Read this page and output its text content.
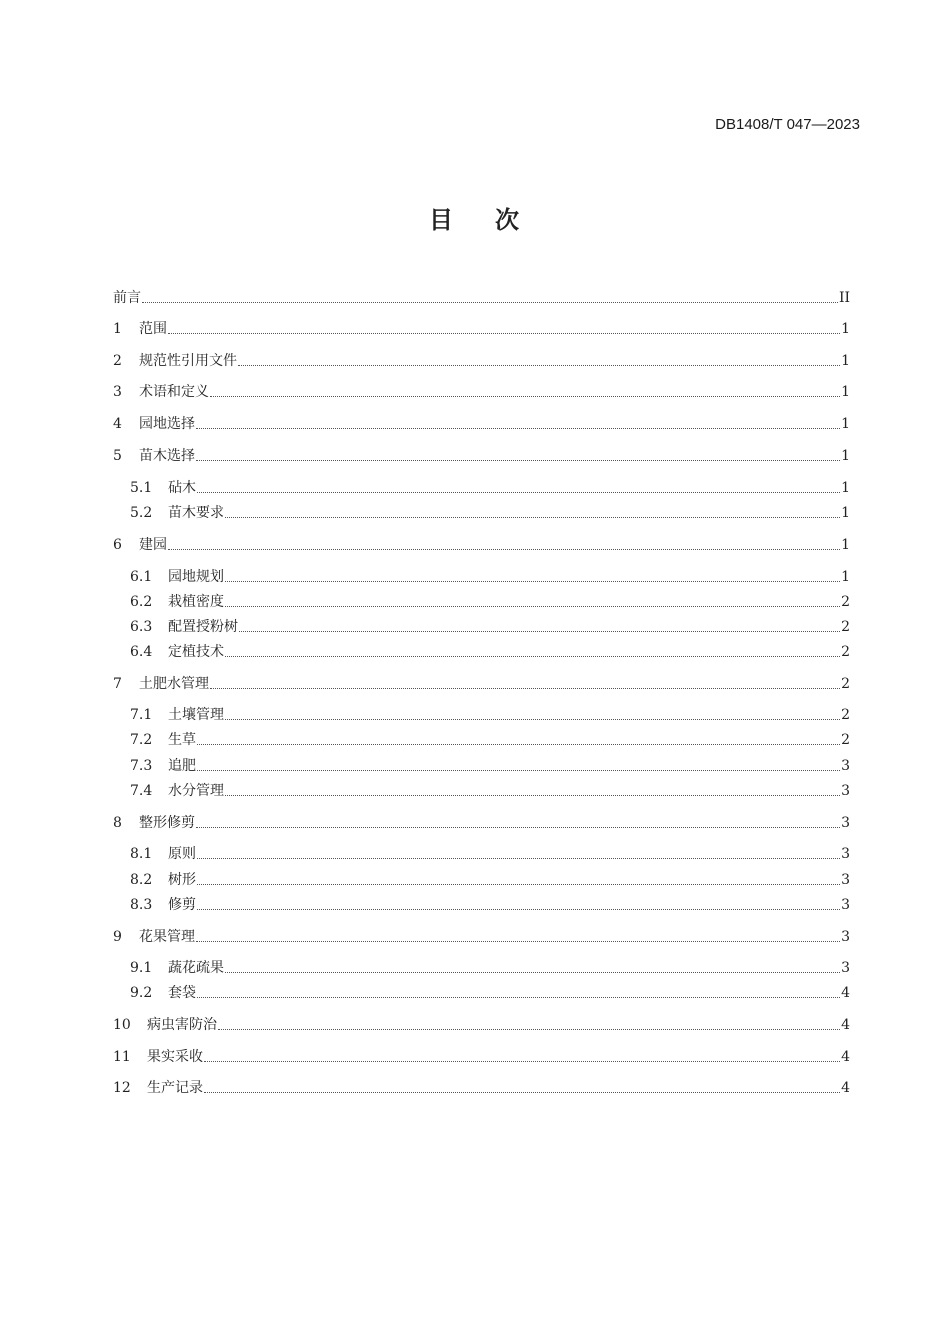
DB1408/T 047—2023
目 次
前言	II
1	范围	1
2	规范性引用文件	1
3	术语和定义	1
4	园地选择	1
5	苗木选择	1
5.1	砧木	1
5.2	苗木要求	1
6	建园	1
6.1	园地规划	1
6.2	栽植密度	2
6.3	配置授粉树	2
6.4	定植技术	2
7	土肥水管理	2
7.1	土壤管理	2
7.2	生草	2
7.3	追肥	3
7.4	水分管理	3
8	整形修剪	3
8.1	原则	3
8.2	树形	3
8.3	修剪	3
9	花果管理	3
9.1	蔬花疏果	3
9.2	套袋	4
10	病虫害防治	4
11	果实采收	4
12	生产记录	4
